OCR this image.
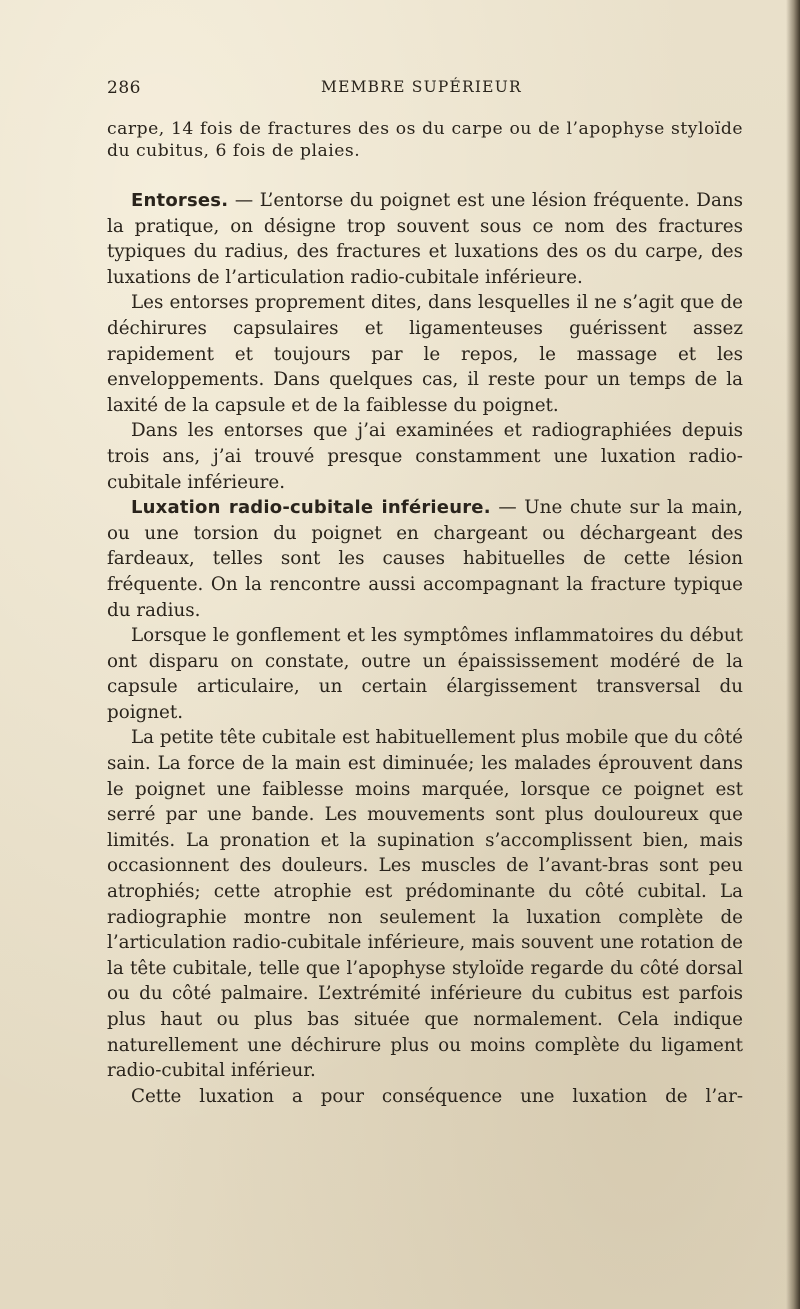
286	MEMBRE SUPÉRIEUR

carpe, 14 fois de fractures des os du carpe ou de l’apophyse styloïde du cubitus, 6 fois de plaies.

Entorses. — L’entorse du poignet est une lésion fréquente. Dans la pratique, on désigne trop souvent sous ce nom des fractures typiques du radius, des fractures et luxations des os du carpe, des luxations de l’articulation radio-cubitale inférieure.

Les entorses proprement dites, dans lesquelles il ne s’agit que de déchirures capsulaires et ligamenteuses guérissent assez rapidement et toujours par le repos, le massage et les enveloppements. Dans quelques cas, il reste pour un temps de la laxité de la capsule et de la faiblesse du poignet.

Dans les entorses que j’ai examinées et radiographiées depuis trois ans, j’ai trouvé presque constamment une luxation radio-cubitale inférieure.

Luxation radio-cubitale inférieure. — Une chute sur la main, ou une torsion du poignet en chargeant ou déchargeant des fardeaux, telles sont les causes habituelles de cette lésion fréquente. On la rencontre aussi accompagnant la fracture typique du radius.

Lorsque le gonflement et les symptômes inflammatoires du début ont disparu on constate, outre un épaississement modéré de la capsule articulaire, un certain élargissement transversal du poignet.

La petite tête cubitale est habituellement plus mobile que du côté sain. La force de la main est diminuée; les malades éprouvent dans le poignet une faiblesse moins marquée, lorsque ce poignet est serré par une bande. Les mouvements sont plus douloureux que limités. La pronation et la supination s’accomplissent bien, mais occasionnent des douleurs. Les muscles de l’avant-bras sont peu atrophiés; cette atrophie est prédominante du côté cubital. La radiographie montre non seulement la luxation complète de l’articulation radio-cubitale inférieure, mais souvent une rotation de la tête cubitale, telle que l’apophyse styloïde regarde du côté dorsal ou du côté palmaire. L’extrémité inférieure du cubitus est parfois plus haut ou plus bas située que normalement. Cela indique naturellement une déchirure plus ou moins complète du ligament radio-cubital inférieur.

Cette luxation a pour conséquence une luxation de l’ar-
